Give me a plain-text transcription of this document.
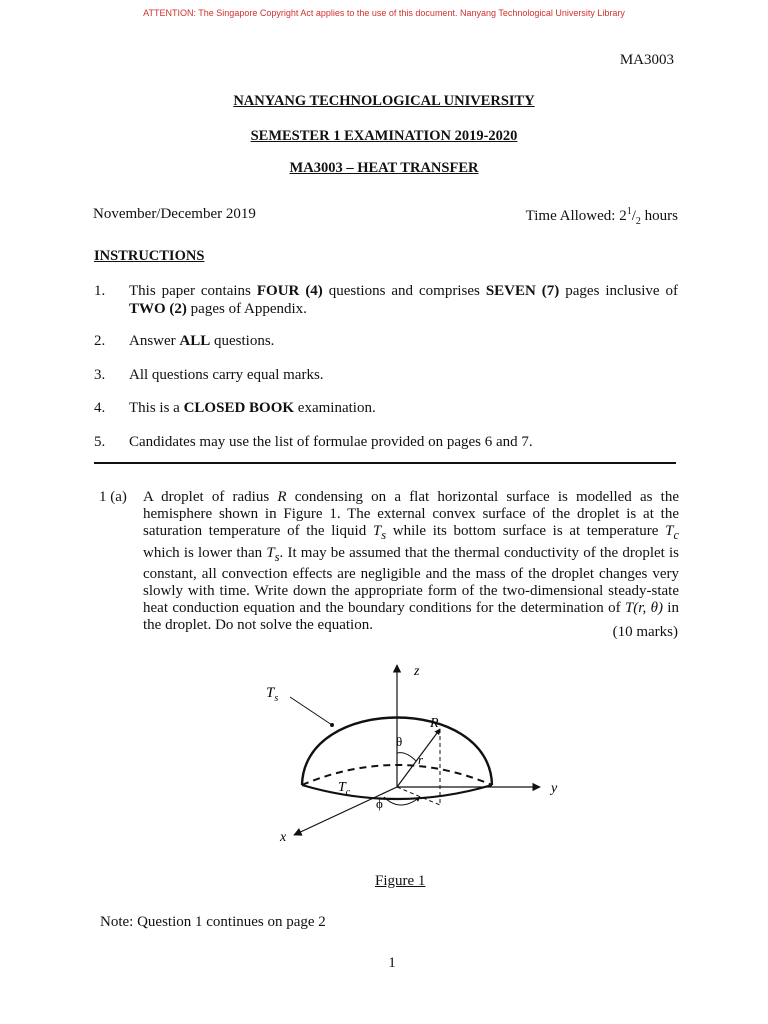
ATTENTION: The Singapore Copyright Act applies to the use of this document. Nanyang Technological University Library
MA3003
NANYANG TECHNOLOGICAL UNIVERSITY
SEMESTER 1 EXAMINATION 2019-2020
MA3003 – HEAT TRANSFER
November/December 2019	Time Allowed: $2^1/_2$ hours
INSTRUCTIONS
1. This paper contains FOUR (4) questions and comprises SEVEN (7) pages inclusive of TWO (2) pages of Appendix.
2. Answer ALL questions.
3. All questions carry equal marks.
4. This is a CLOSED BOOK examination.
5. Candidates may use the list of formulae provided on pages 6 and 7.
1 (a) A droplet of radius R condensing on a flat horizontal surface is modelled as the hemisphere shown in Figure 1. The external convex surface of the droplet is at the saturation temperature of the liquid $T_s$ while its bottom surface is at temperature $T_c$ which is lower than $T_s$. It may be assumed that the thermal conductivity of the droplet is constant, all convection effects are negligible and the mass of the droplet changes very slowly with time. Write down the appropriate form of the two-dimensional steady-state heat conduction equation and the boundary conditions for the determination of T(r, θ) in the droplet. Do not solve the equation.	(10 marks)
z
y
x
R
θ
r
ϕ
$T_s$
$T_c$
Figure 1
Note: Question 1 continues on page 2
1
